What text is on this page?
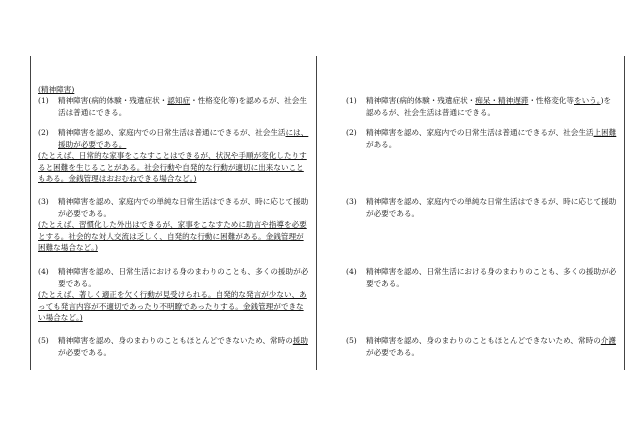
(精神障害)
(1) 精神障害(病的体験・残遺症状・認知症・性格変化等)を認めるが、社会生活は普通にできる。
(2) 精神障害を認め、家庭内での日常生活は普通にできるが、社会生活には、援助が必要である。
(たとえば、日常的な家事をこなすことはできるが、状況や手順が変化したりすると困難を生じることがある。社会行動や自発的な行動が適切に出来ないこともある。金銭管理はおおむねできる場合など。)
(3) 精神障害を認め、家庭内での単純な日常生活はできるが、時に応じて援助が必要である。
(たとえば、習慣化した外出はできるが、家事をこなすために助言や指導を必要とする。社会的な対人交流は乏しく、自発的な行動に困難がある。金銭管理が困難な場合など。)
(4) 精神障害を認め、日常生活における身のまわりのことも、多くの援助が必要である。
(たとえば、著しく適正を欠く行動が見受けられる。自発的な発言が少ない、あっても発言内容が不適切であったり不明瞭であったりする。金銭管理ができない場合など。)
(5) 精神障害を認め、身のまわりのこともほとんどできないため、常時の援助が必要である。
(1) 精神障害(病的体験・残遺症状・痴呆・精神遅滞・性格変化等をいう。)を認めるが、社会生活は普通にできる。
(2) 精神障害を認め、家庭内での日常生活は普通にできるが、社会生活上困難がある。
(3) 精神障害を認め、家庭内での単純な日常生活はできるが、時に応じて援助が必要である。
(4) 精神障害を認め、日常生活における身のまわりのことも、多くの援助が必要である。
(5) 精神障害を認め、身のまわりのこともほとんどできないため、常時の介護が必要である。
